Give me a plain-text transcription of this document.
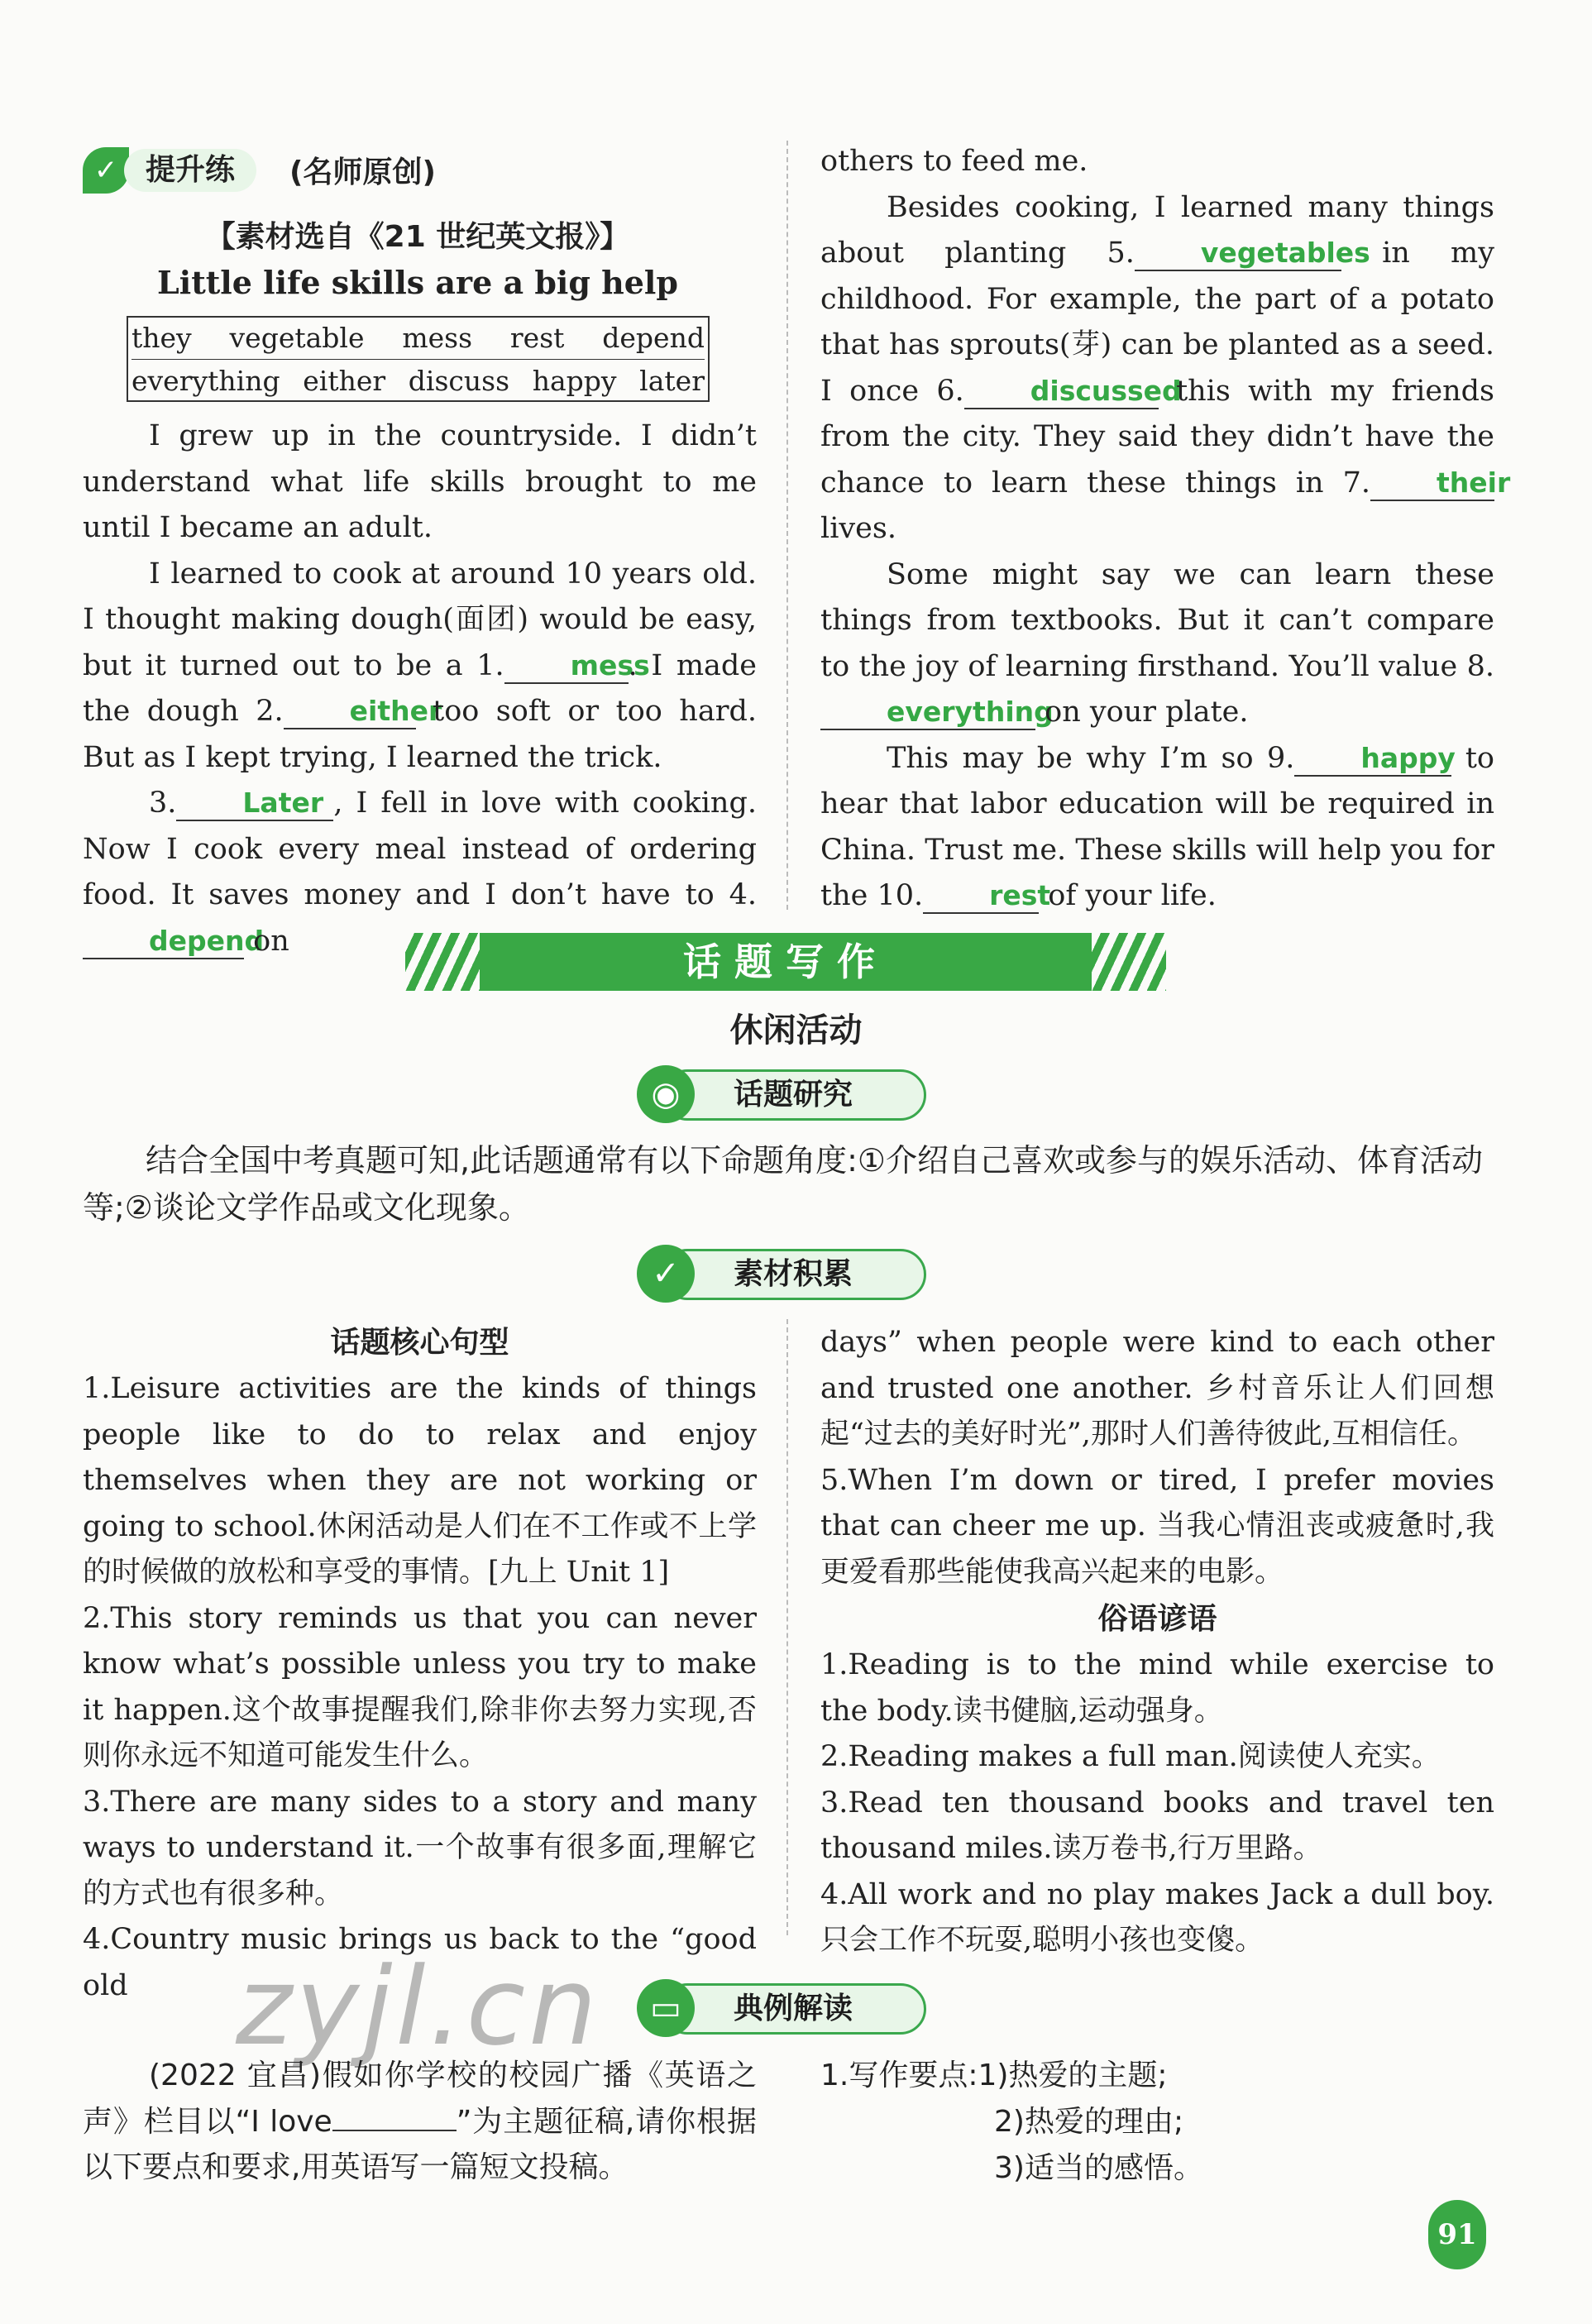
✓ 提升练	(名师原创)
【素材选自《21 世纪英文报》】
Little life skills are a big help
they vegetable mess rest depend
everything either discuss happy later

I grew up in the countryside. I didn’t understand what life skills brought to me until I became an adult.

I learned to cook at around 10 years old. I thought making dough(面团) would be easy, but it turned out to be a 1. mess. I made the dough 2. either too soft or too hard. But as I kept trying, I learned the trick.

3. Later , I fell in love with cooking. Now I cook every meal instead of ordering food. It saves money and I don’t have to 4.depend on

others to feed me.

Besides cooking, I learned many things about planting 5. vegetables in my childhood. For example, the part of a potato that has sprouts(芽) can be planted as a seed. I once 6. discussed this with my friends from the city. They said they didn’t have the chance to learn these things in 7. their lives.

Some might say we can learn these things from textbooks. But it can’t compare to the joy of learning firsthand. You’ll value 8.everything on your plate.

This may be why I’m so 9. happy to hear that labor education will be required in China. Trust me. These skills will help you for the 10. rest of your life.

话题写作
休闲活动
话题研究
◉
结合全国中考真题可知,此话题通常有以下命题角度:①介绍自己喜欢或参与的娱乐活动、体育活动等;②谈论文学作品或文化现象。
素材积累
✓
话题核心句型

1.Leisure activities are the kinds of things people like to do to relax and enjoy themselves when they are not working or going to school.休闲活动是人们在不工作或不上学的时候做的放松和享受的事情。[九上 Unit 1]

2.This story reminds us that you can never know what’s possible unless you try to make it happen.这个故事提醒我们,除非你去努力实现,否则你永远不知道可能发生什么。

3.There are many sides to a story and many ways to understand it.一个故事有很多面,理解它的方式也有很多种。

4.Country music brings us back to the “good old

days” when people were kind to each other and trusted one another. 乡村音乐让人们回想起“过去的美好时光”,那时人们善待彼此,互相信任。

5.When I’m down or tired, I prefer movies that can cheer me up. 当我心情沮丧或疲惫时,我更爱看那些能使我高兴起来的电影。

俗语谚语

1.Reading is to the mind while exercise to the body.读书健脑,运动强身。

2.Reading makes a full man.阅读使人充实。

3.Read ten thousand books and travel ten thousand miles.读万卷书,行万里路。

4.All work and no play makes Jack a dull boy.只会工作不玩耍,聪明小孩也变傻。

zyjl.cn	典例解读
▭
(2022 宜昌)假如你学校的校园广播《英语之声》栏目以“I love	”为主题征稿,请你根据以下要点和要求,用英语写一篇短文投稿。
1.写作要点:1)热爱的主题;
2)热爱的理由;
3)适当的感悟。
91
